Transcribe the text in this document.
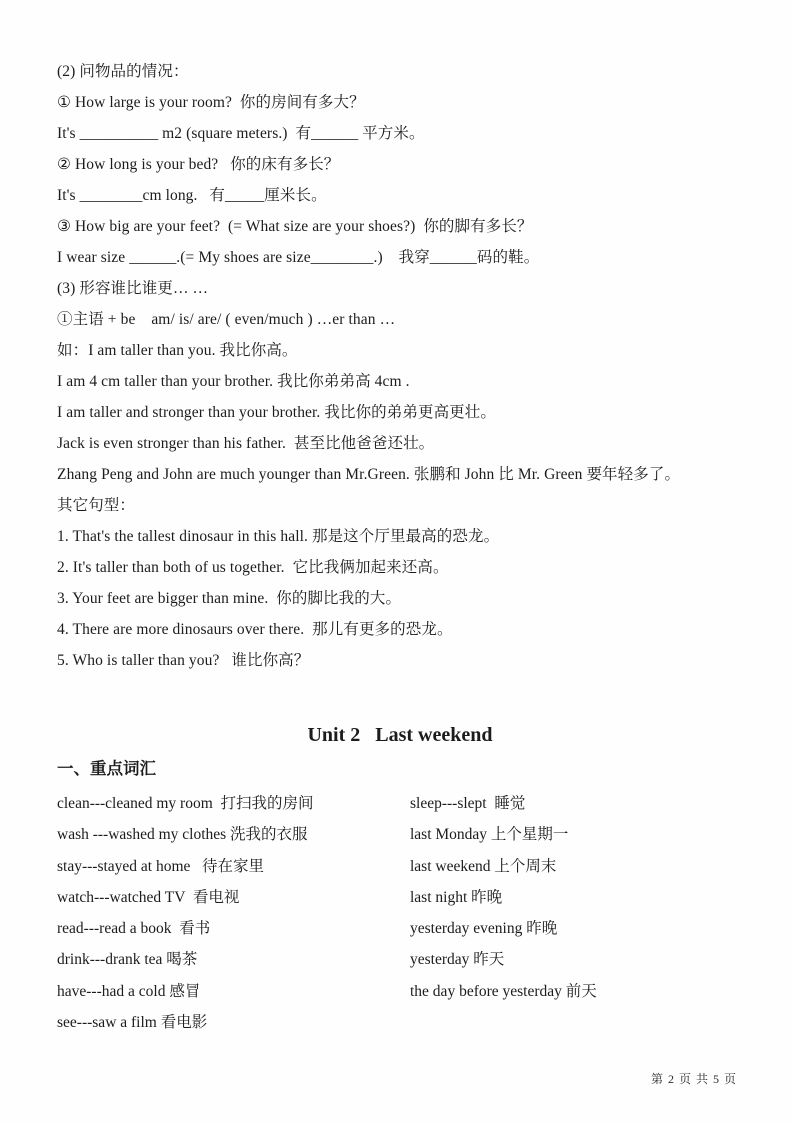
(2) 问物品的情况：
① How large is your room?  你的房间有多大？
It's __________ m2 (square meters.)  有______ 平方米。
② How long is your bed?   你的床有多长？
It's ________cm long.   有_____厘米长。
③ How big are your feet?  (= What size are your shoes?)  你的脚有多长？
I wear size ______.(= My shoes are size________.)    我穿______码的鞋。
(3) 形容谁比谁更… …
①主语 + be    am/ is/ are/ ( even/much ) …er than …
如：I am taller than you. 我比你高。
I am 4 cm taller than your brother. 我比你弟弟高 4cm .
I am taller and stronger than your brother. 我比你的弟弟更高更壮。
Jack is even stronger than his father.  甚至比他爸爸还壮。
Zhang Peng and John are much younger than Mr.Green. 张鹏和 John 比 Mr. Green 要年轻多了。
其它句型：
1. That's the tallest dinosaur in this hall. 那是这个厅里最高的恐龙。
2. It's taller than both of us together.  它比我俩加起来还高。
3. Your feet are bigger than mine.  你的脚比我的大。
4. There are more dinosaurs over there.  那儿有更多的恐龙。
5. Who is taller than you?   谁比你高？
Unit 2   Last weekend
一、重点词汇
clean---cleaned my room  打扫我的房间	sleep---slept  睡觉
wash ---washed my clothes 洗我的衣服	last Monday 上个星期一
stay---stayed at home   待在家里	last weekend 上个周末
watch---watched TV  看电视	last night 昨晚
read---read a book  看书	yesterday evening 昨晚
drink---drank tea 喝茶	yesterday 昨天
have---had a cold 感冒	the day before yesterday 前天
see---saw a film 看电影
第 2 页 共 5 页
